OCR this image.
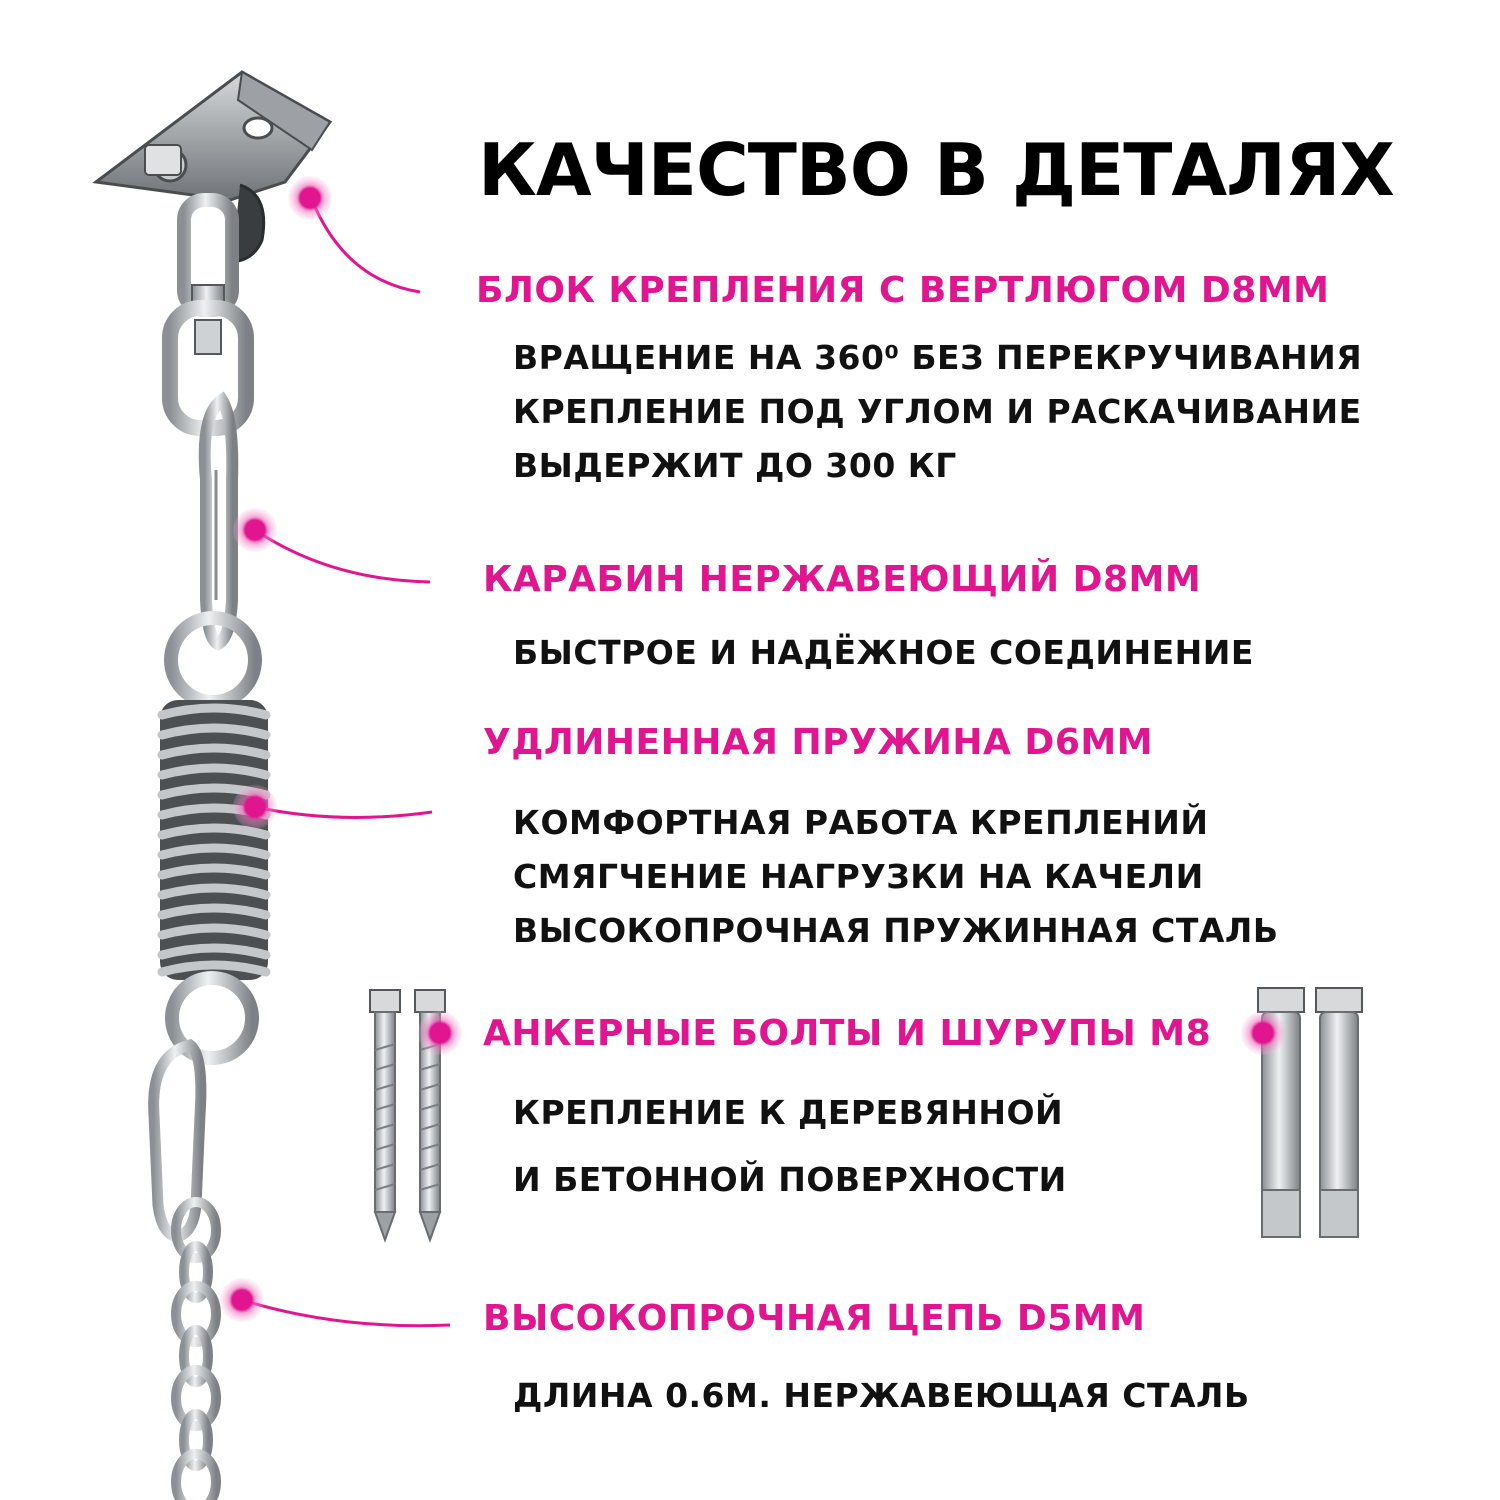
КАЧЕСТВО В ДЕТАЛЯХ
БЛОК КРЕПЛЕНИЯ С ВЕРТЛЮГОМ D8MM
ВРАЩЕНИЕ НА 360⁰ БЕЗ ПЕРЕКРУЧИВАНИЯ
КРЕПЛЕНИЕ ПОД УГЛОМ И РАСКАЧИВАНИЕ
ВЫДЕРЖИТ ДО 300 КГ
КАРАБИН НЕРЖАВЕЮЩИЙ D8MM
БЫСТРОЕ И НАДЁЖНОЕ СОЕДИНЕНИЕ
УДЛИНЕННАЯ ПРУЖИНА D6MM
КОМФОРТНАЯ РАБОТА КРЕПЛЕНИЙ
СМЯГЧЕНИЕ НАГРУЗКИ НА КАЧЕЛИ
ВЫСОКОПРОЧНАЯ ПРУЖИННАЯ СТАЛЬ
АНКЕРНЫЕ БОЛТЫ И ШУРУПЫ М8
КРЕПЛЕНИЕ К ДЕРЕВЯННОЙ
И БЕТОННОЙ ПОВЕРХНОСТИ
ВЫСОКОПРОЧНАЯ ЦЕПЬ D5MM
ДЛИНА 0.6М. НЕРЖАВЕЮЩАЯ СТАЛЬ
